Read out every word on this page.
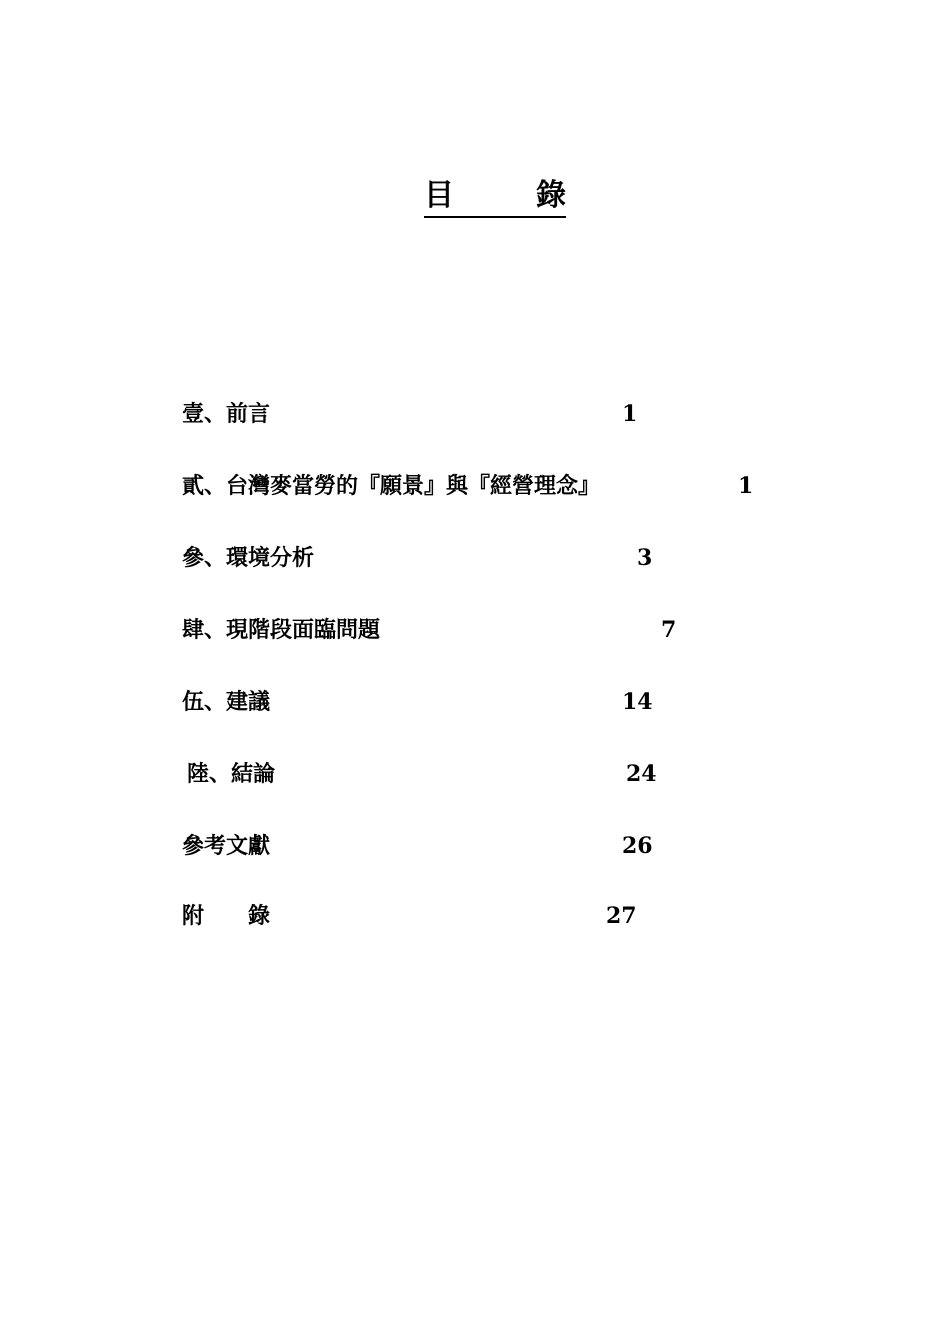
目	錄
壹、前言	1
貳、台灣麥當勞的『願景』與『經營理念』	1
參、環境分析	3
肆、現階段面臨問題	7
伍、建議	14
陸、結論	24
參考文獻	26
附　　錄	27
